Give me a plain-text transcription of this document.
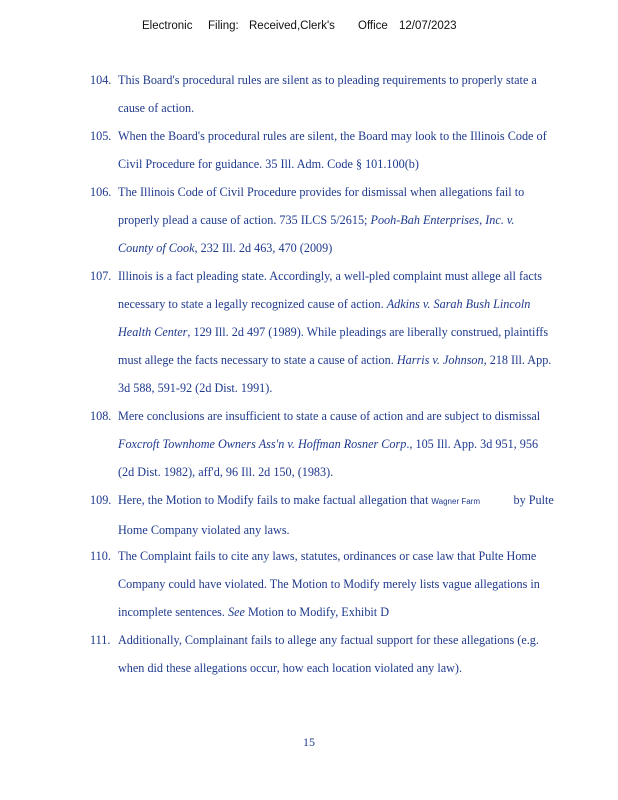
Electronic Filing: Received,Clerk's Office 12/07/2023
104. This Board's procedural rules are silent as to pleading requirements to properly state a
cause of action.
105. When the Board's procedural rules are silent, the Board may look to the Illinois Code of
Civil Procedure for guidance. 35 Ill. Adm. Code § 101.100(b)
106. The Illinois Code of Civil Procedure provides for dismissal when allegations fail to
properly plead a cause of action. 735 ILCS 5/2615; Pooh-Bah Enterprises, Inc. v.
County of Cook, 232 Ill. 2d 463, 470 (2009)
107. Illinois is a fact pleading state. Accordingly, a well-pled complaint must allege all facts
necessary to state a legally recognized cause of action. Adkins v. Sarah Bush Lincoln
Health Center, 129 Ill. 2d 497 (1989). While pleadings are liberally construed, plaintiffs
must allege the facts necessary to state a cause of action. Harris v. Johnson, 218 Ill. App.
3d 588, 591-92 (2d Dist. 1991).
108. Mere conclusions are insufficient to state a cause of action and are subject to dismissal
Foxcroft Townhome Owners Ass'n v. Hoffman Rosner Corp., 105 Ill. App. 3d 951, 956
(2d Dist. 1982), aff'd, 96 Ill. 2d 150, (1983).
109. Here, the Motion to Modify fails to make factual allegation that Wagner Farm	by Pulte
Home Company violated any laws.
110. The Complaint fails to cite any laws, statutes, ordinances or case law that Pulte Home
Company could have violated. The Motion to Modify merely lists vague allegations in
incomplete sentences. See Motion to Modify, Exhibit D
111. Additionally, Complainant fails to allege any factual support for these allegations (e.g.
when did these allegations occur, how each location violated any law).
15
